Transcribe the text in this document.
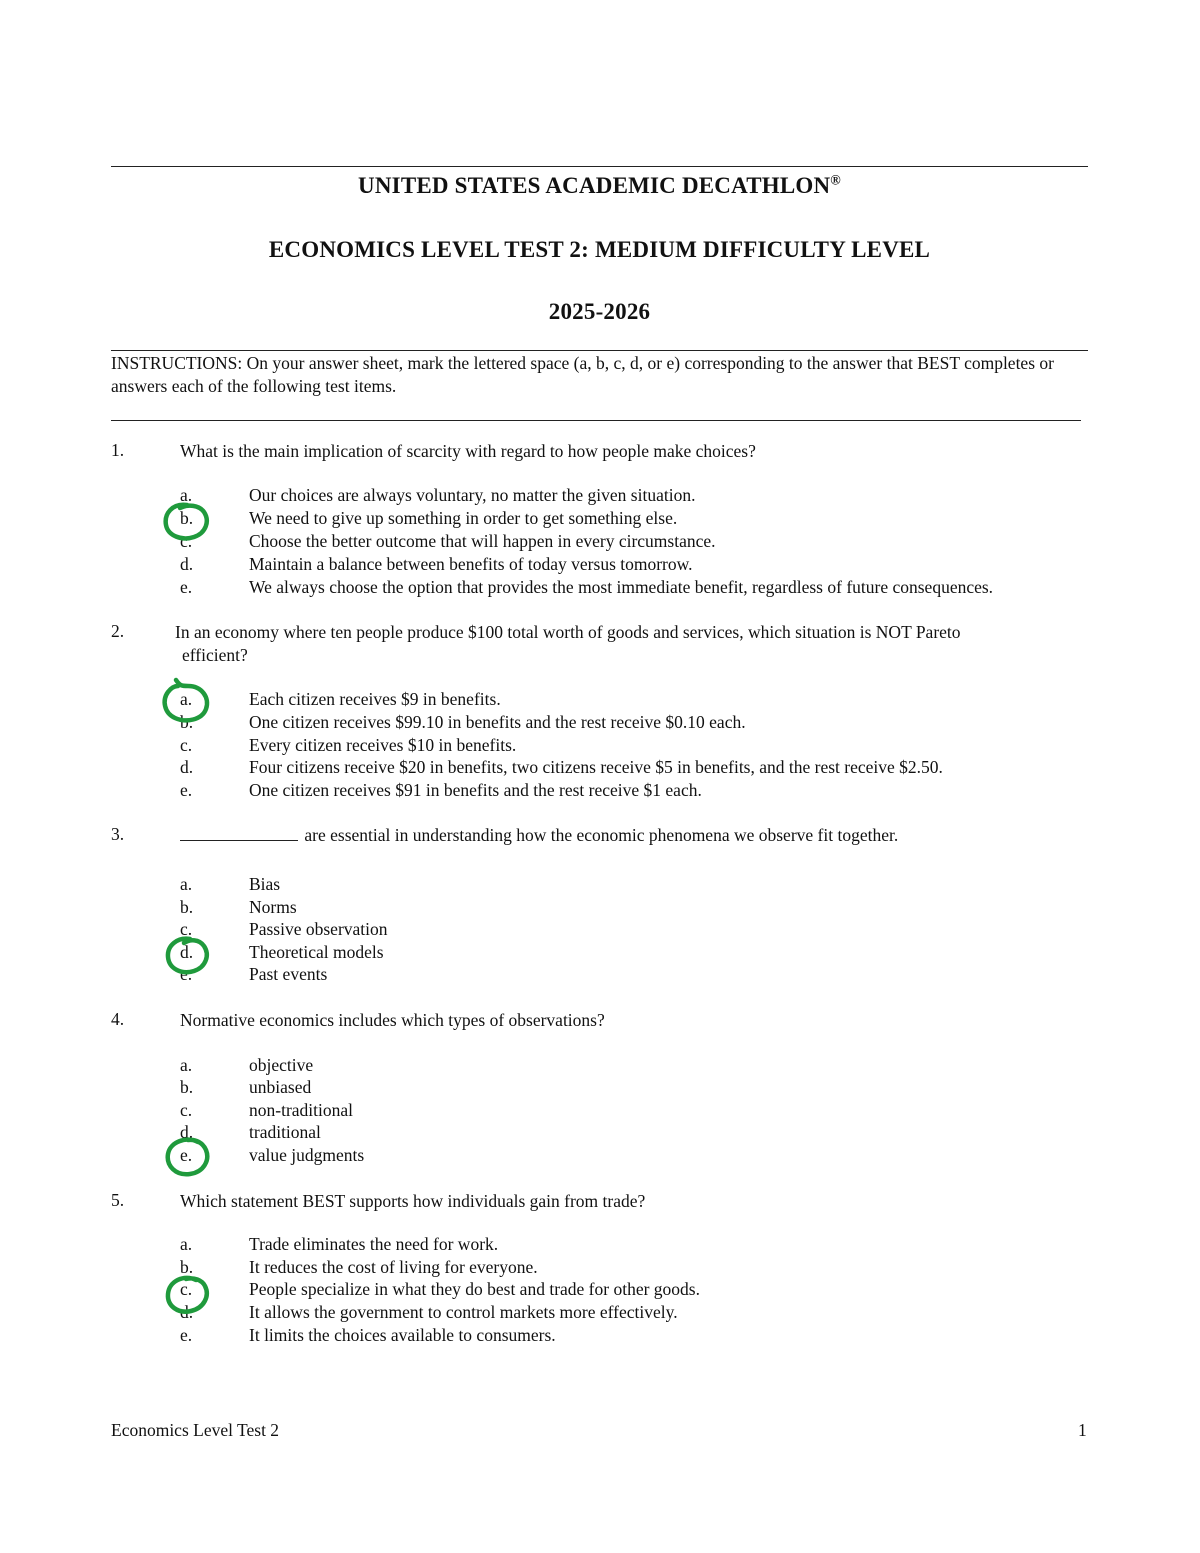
UNITED STATES ACADEMIC DECATHLON®
ECONOMICS LEVEL TEST 2: MEDIUM DIFFICULTY LEVEL
2025-2026

INSTRUCTIONS: On your answer sheet, mark the lettered space (a, b, c, d, or e) corresponding to the answer that BEST completes or answers each of the following test items.

1.	What is the main implication of scarcity with regard to how people make choices?
a.	Our choices are always voluntary, no matter the given situation.
b.	We need to give up something in order to get something else.
c.	Choose the better outcome that will happen in every circumstance.
d.	Maintain a balance between benefits of today versus tomorrow.
e.	We always choose the option that provides the most immediate benefit, regardless of future consequences.
2.	In an economy where ten people produce $100 total worth of goods and services, which situation is NOT Pareto
efficient?
a.	Each citizen receives $9 in benefits.
b.	One citizen receives $99.10 in benefits and the rest receive $0.10 each.
c.	Every citizen receives $10 in benefits.
d.	Four citizens receive $20 in benefits, two citizens receive $5 in benefits, and the rest receive $2.50.
e.	One citizen receives $91 in benefits and the rest receive $1 each.
3.	are essential in understanding how the economic phenomena we observe fit together.
a.	Bias
b.	Norms
c.	Passive observation
d.	Theoretical models
e.	Past events
4.	Normative economics includes which types of observations?
a.	objective
b.	unbiased
c.	non-traditional
d.	traditional
e.	value judgments
5.	Which statement BEST supports how individuals gain from trade?
a.	Trade eliminates the need for work.
b.	It reduces the cost of living for everyone.
c.	People specialize in what they do best and trade for other goods.
d.	It allows the government to control markets more effectively.
e.	It limits the choices available to consumers.
Economics Level Test 2	1
